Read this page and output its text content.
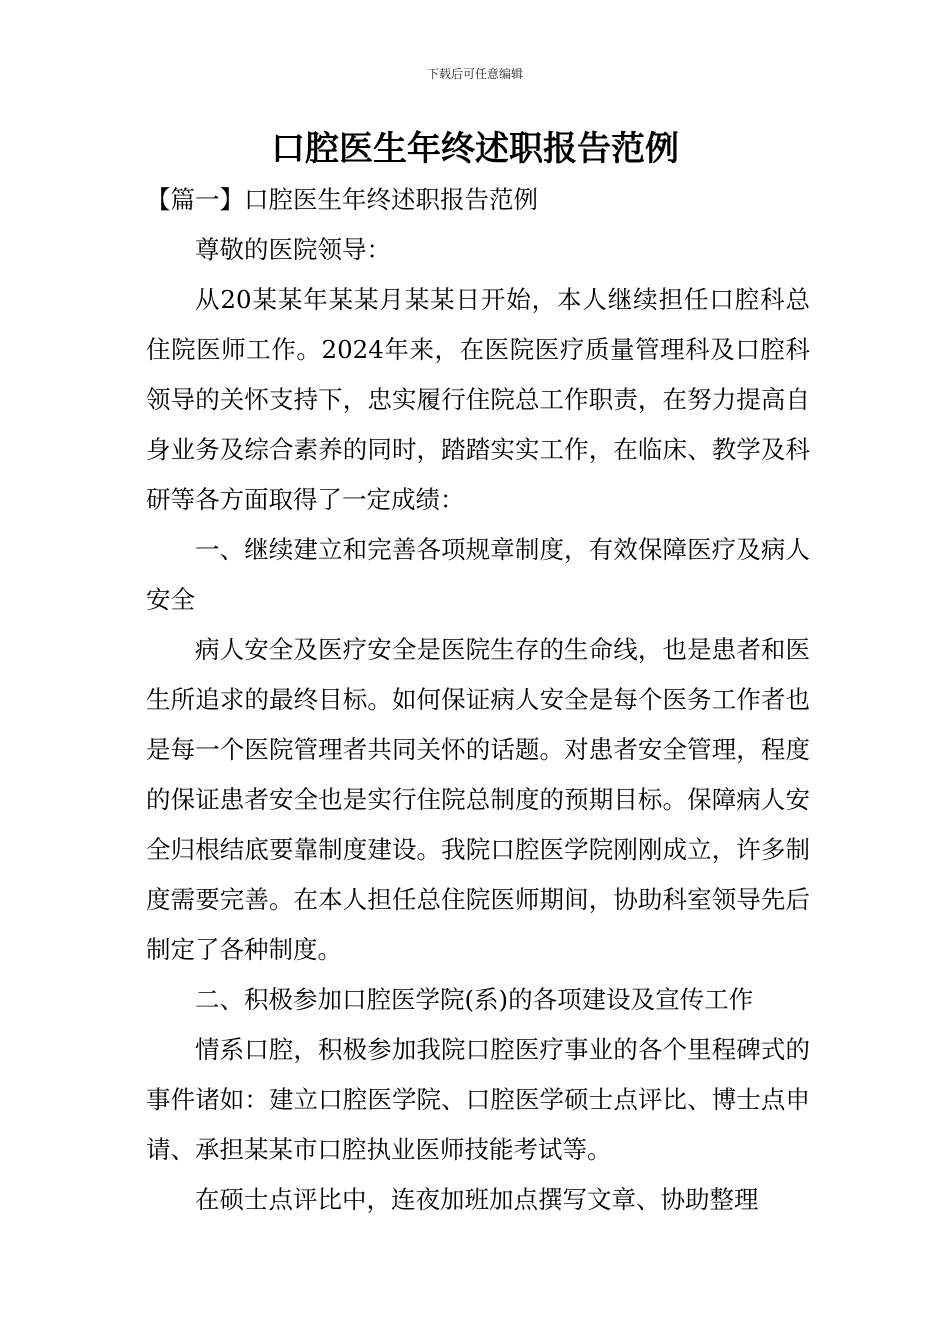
下载后可任意编辑
口腔医生年终述职报告范例

【篇一】口腔医生年终述职报告范例

尊敬的医院领导：

从20某某年某某月某某日开始，本人继续担任口腔科总住院医师工作。2024年来，在医院医疗质量管理科及口腔科领导的关怀支持下，忠实履行住院总工作职责，在努力提高自身业务及综合素养的同时，踏踏实实工作，在临床、教学及科研等各方面取得了一定成绩：

一、继续建立和完善各项规章制度，有效保障医疗及病人安全

病人安全及医疗安全是医院生存的生命线，也是患者和医生所追求的最终目标。如何保证病人安全是每个医务工作者也是每一个医院管理者共同关怀的话题。对患者安全管理，程度的保证患者安全也是实行住院总制度的预期目标。保障病人安全归根结底要靠制度建设。我院口腔医学院刚刚成立，许多制度需要完善。在本人担任总住院医师期间，协助科室领导先后制定了各种制度。

二、积极参加口腔医学院(系)的各项建设及宣传工作

情系口腔，积极参加我院口腔医疗事业的各个里程碑式的事件诸如：建立口腔医学院、口腔医学硕士点评比、博士点申请、承担某某市口腔执业医师技能考试等。

在硕士点评比中，连夜加班加点撰写文章、协助整理
